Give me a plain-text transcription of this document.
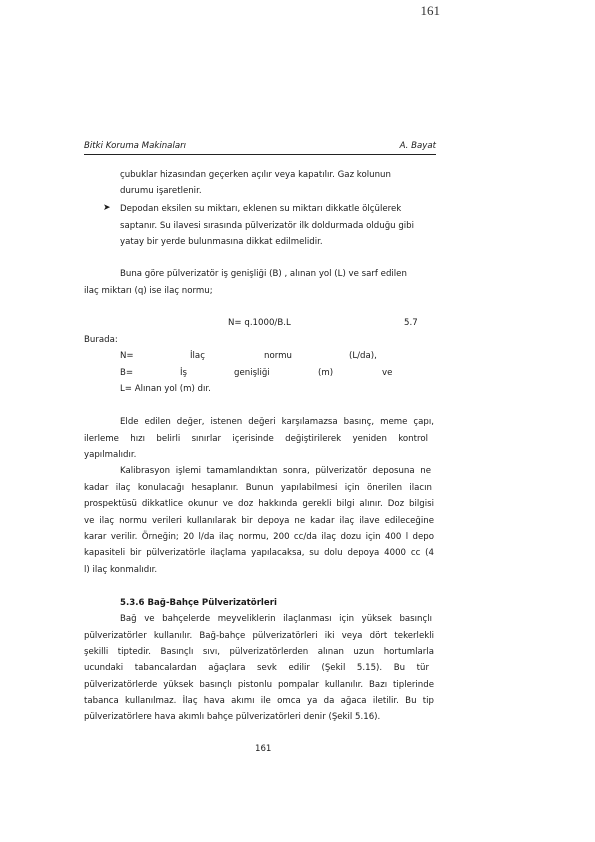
161
Bitki Koruma Makinaları	A. Bayat
çubuklar hizasından geçerken açılır veya kapatılır. Gaz kolunun
durumu işaretlenir.
➤ Depodan eksilen su miktarı, eklenen su miktarı dikkatle ölçülerek
saptanır. Su ilavesi sırasında pülverizatör ilk doldurmada olduğu gibi
yatay bir yerde bulunmasına dikkat edilmelidir.
Buna göre pülverizatör iş genişliği (B) , alınan yol (L) ve sarf edilen
ilaç miktarı (q) ise ilaç normu;
N= q.1000/B.L	5.7
Burada:
N=	İlaç	normu	(L/da),
B=	İş	genişliği	(m)	ve
L= Alınan yol (m) dır.
Elde edilen değer, istenen değeri karşılamazsa basınç, meme çapı,
ilerleme hızı belirli sınırlar içerisinde değiştirilerek yeniden kontrol
yapılmalıdır.
Kalibrasyon işlemi tamamlandıktan sonra, pülverizatör deposuna ne
kadar ilaç konulacağı hesaplanır. Bunun yapılabilmesi için önerilen ilacın
prospektüsü dikkatlice okunur ve doz hakkında gerekli bilgi alınır. Doz bilgisi
ve ilaç normu verileri kullanılarak bir depoya ne kadar ilaç ilave edileceğine
karar verilir. Örneğin; 20 l/da ilaç normu, 200 cc/da ilaç dozu için 400 l depo
kapasiteli bir pülverizatörle ilaçlama yapılacaksa, su dolu depoya 4000 cc (4
l) ilaç konmalıdır.
5.3.6 Bağ-Bahçe Pülverizatörleri
Bağ ve bahçelerde meyveliklerin ilaçlanması için yüksek basınçlı
pülverizatörler kullanılır. Bağ-bahçe pülverizatörleri iki veya dört tekerlekli
şekilli tiptedir. Basınçlı sıvı, pülverizatörlerden alınan uzun hortumlarla
ucundaki tabancalardan ağaçlara sevk edilir (Şekil 5.15). Bu tür
pülverizatörlerde yüksek basınçlı pistonlu pompalar kullanılır. Bazı tiplerinde
tabanca kullanılmaz. İlaç hava akımı ile omca ya da ağaca iletilir. Bu tip
pülverizatörlere hava akımlı bahçe pülverizatörleri denir (Şekil 5.16).
161
